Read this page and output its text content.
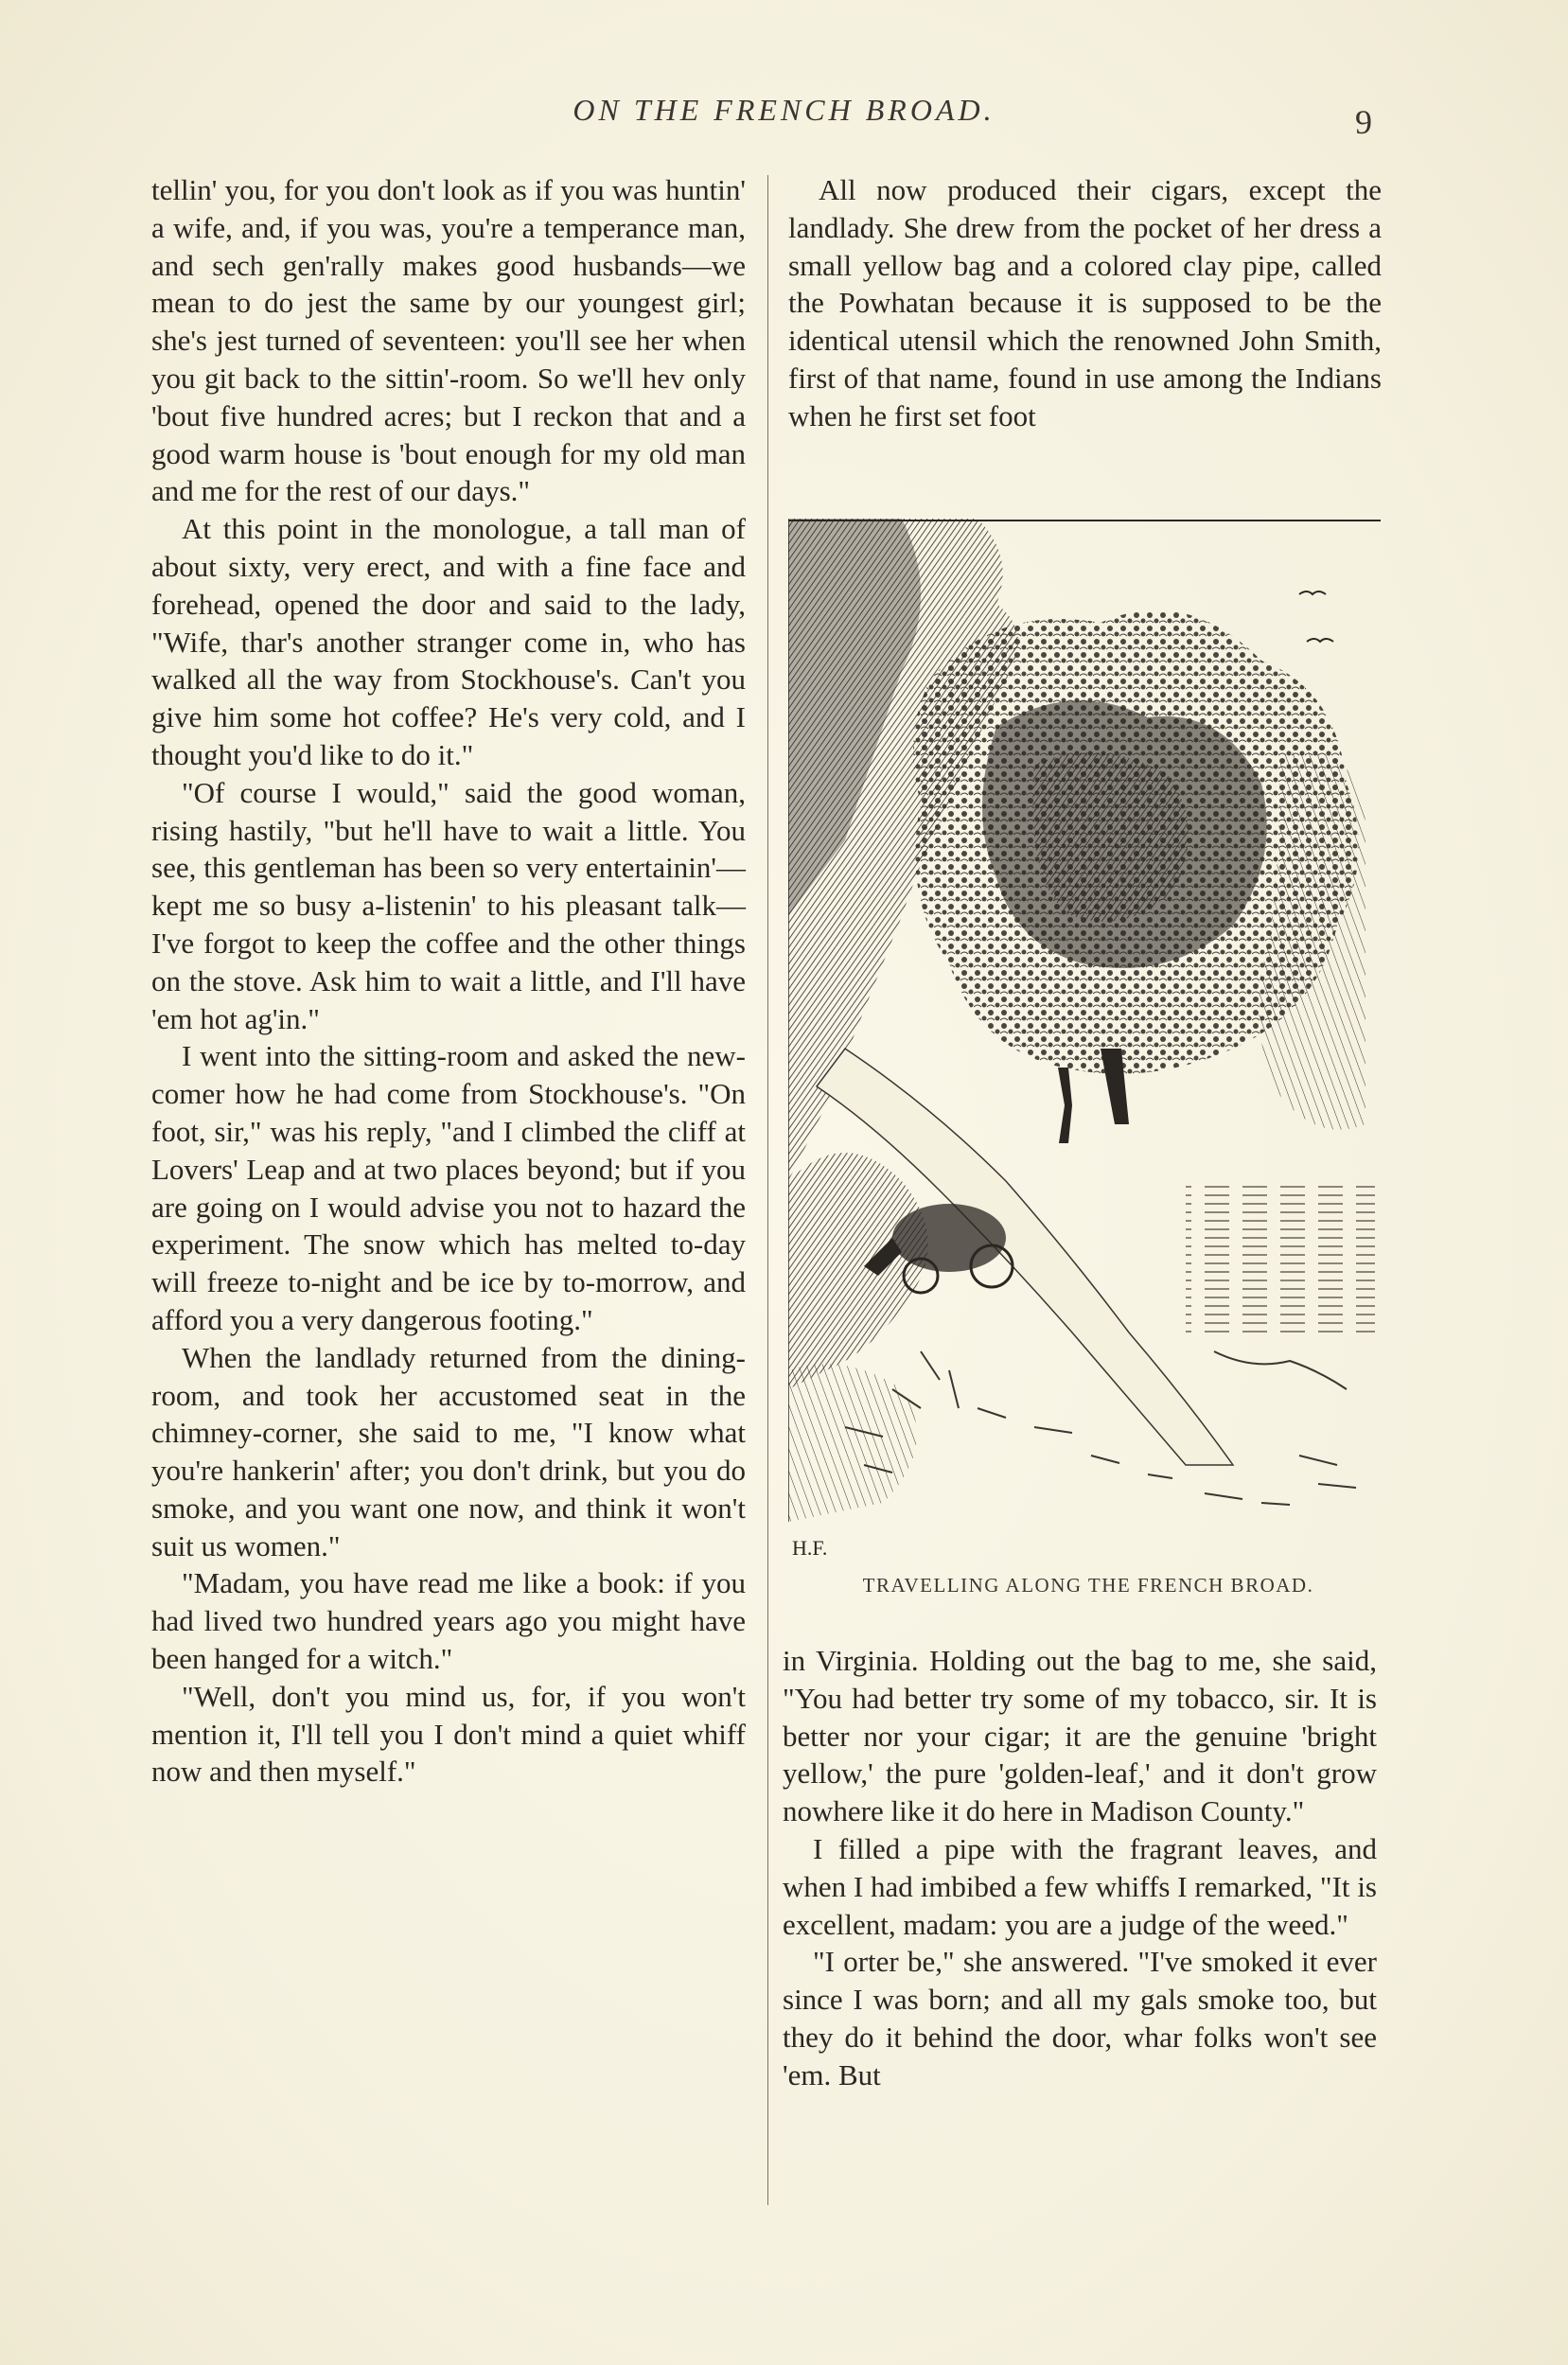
ON THE FRENCH BROAD.	9

tellin' you, for you don't look as if you was huntin' a wife, and, if you was, you're a temperance man, and sech gen'rally makes good husbands—we mean to do jest the same by our youngest girl; she's jest turned of seventeen: you'll see her when you git back to the sittin'-room. So we'll hev only 'bout five hundred acres; but I reckon that and a good warm house is 'bout enough for my old man and me for the rest of our days."

At this point in the monologue, a tall man of about sixty, very erect, and with a fine face and forehead, opened the door and said to the lady, "Wife, thar's another stranger come in, who has walked all the way from Stockhouse's. Can't you give him some hot coffee? He's very cold, and I thought you'd like to do it."

"Of course I would," said the good woman, rising hastily, "but he'll have to wait a little. You see, this gentleman has been so very entertainin'—kept me so busy a-listenin' to his pleasant talk—I've forgot to keep the coffee and the other things on the stove. Ask him to wait a little, and I'll have 'em hot ag'in."

I went into the sitting-room and asked the new-comer how he had come from Stockhouse's. "On foot, sir," was his reply, "and I climbed the cliff at Lovers' Leap and at two places beyond; but if you are going on I would advise you not to hazard the experiment. The snow which has melted to-day will freeze to-night and be ice by to-morrow, and afford you a very dangerous footing."

When the landlady returned from the dining-room, and took her accustomed seat in the chimney-corner, she said to me, "I know what you're hankerin' after; you don't drink, but you do smoke, and you want one now, and think it won't suit us women."

"Madam, you have read me like a book: if you had lived two hundred years ago you might have been hanged for a witch."

"Well, don't you mind us, for, if you won't mention it, I'll tell you I don't mind a quiet whiff now and then myself."

All now produced their cigars, except the landlady. She drew from the pocket of her dress a small yellow bag and a colored clay pipe, called the Powhatan because it is supposed to be the identical utensil which the renowned John Smith, first of that name, found in use among the Indians when he first set foot

H.F.
TRAVELLING ALONG THE FRENCH BROAD.

in Virginia. Holding out the bag to me, she said, "You had better try some of my tobacco, sir. It is better nor your cigar; it are the genuine 'bright yellow,' the pure 'golden-leaf,' and it don't grow nowhere like it do here in Madison County."

I filled a pipe with the fragrant leaves, and when I had imbibed a few whiffs I remarked, "It is excellent, madam: you are a judge of the weed."

"I orter be," she answered. "I've smoked it ever since I was born; and all my gals smoke too, but they do it behind the door, whar folks won't see 'em. But
